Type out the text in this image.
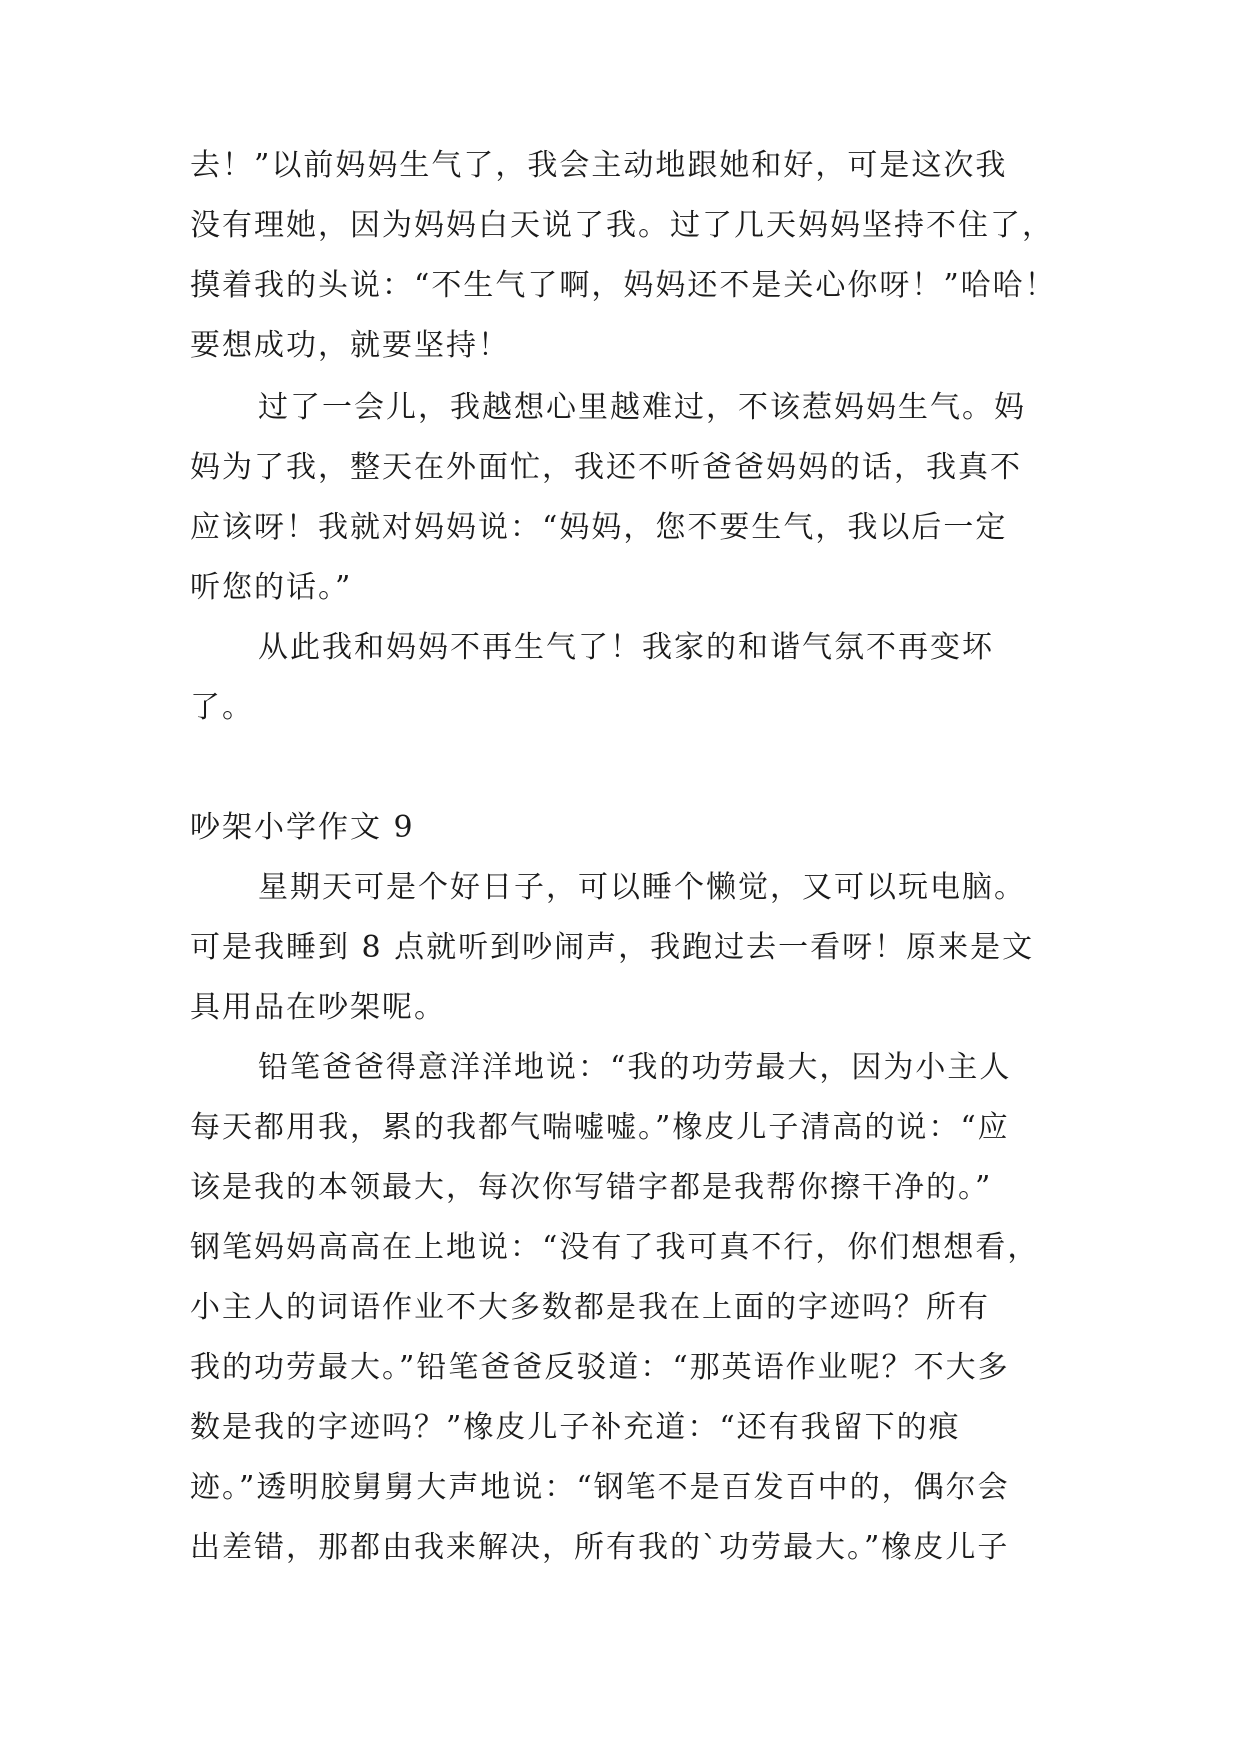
去！”以前妈妈生气了，我会主动地跟她和好，可是这次我
没有理她，因为妈妈白天说了我。过了几天妈妈坚持不住了，
摸着我的头说：“不生气了啊，妈妈还不是关心你呀！”哈哈！
要想成功，就要坚持！
过了一会儿，我越想心里越难过，不该惹妈妈生气。妈
妈为了我，整天在外面忙，我还不听爸爸妈妈的话，我真不
应该呀！我就对妈妈说：“妈妈，您不要生气，我以后一定
听您的话。”
从此我和妈妈不再生气了！我家的和谐气氛不再变坏
了。
吵架小学作文 9
星期天可是个好日子，可以睡个懒觉，又可以玩电脑。
可是我睡到 8 点就听到吵闹声，我跑过去一看呀！原来是文
具用品在吵架呢。
铅笔爸爸得意洋洋地说：“我的功劳最大，因为小主人
每天都用我，累的我都气喘嘘嘘。”橡皮儿子清高的说：“应
该是我的本领最大，每次你写错字都是我帮你擦干净的。”
钢笔妈妈高高在上地说：“没有了我可真不行，你们想想看，
小主人的词语作业不大多数都是我在上面的字迹吗？所有
我的功劳最大。”铅笔爸爸反驳道：“那英语作业呢？不大多
数是我的字迹吗？”橡皮儿子补充道：“还有我留下的痕
迹。”透明胶舅舅大声地说：“钢笔不是百发百中的，偶尔会
出差错，那都由我来解决，所有我的`功劳最大。”橡皮儿子
